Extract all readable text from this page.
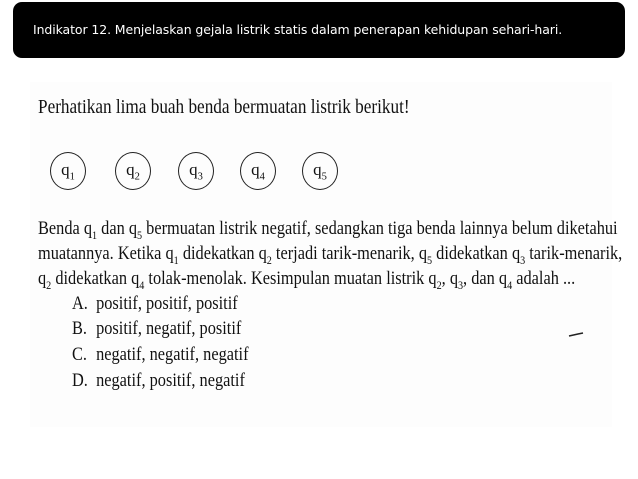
Indikator 12. Menjelaskan gejala listrik statis dalam penerapan kehidupan sehari-hari.
Perhatikan lima buah benda bermuatan listrik berikut!
$q_1$	$q_2$	$q_3$	$q_4$	$q_5$
Benda $q_1$ dan $q_5$ bermuatan listrik negatif, sedangkan tiga benda lainnya belum diketahui
muatannya. Ketika $q_1$ didekatkan $q_2$ terjadi tarik-menarik, $q_5$ didekatkan $q_3$ tarik-menarik,
$q_2$ didekatkan $q_4$ tolak-menolak. Kesimpulan muatan listrik $q_2$, $q_3$, dan $q_4$ adalah ...
A. positif, positif, positif
B. positif, negatif, positif
C. negatif, negatif, negatif
D. negatif, positif, negatif
